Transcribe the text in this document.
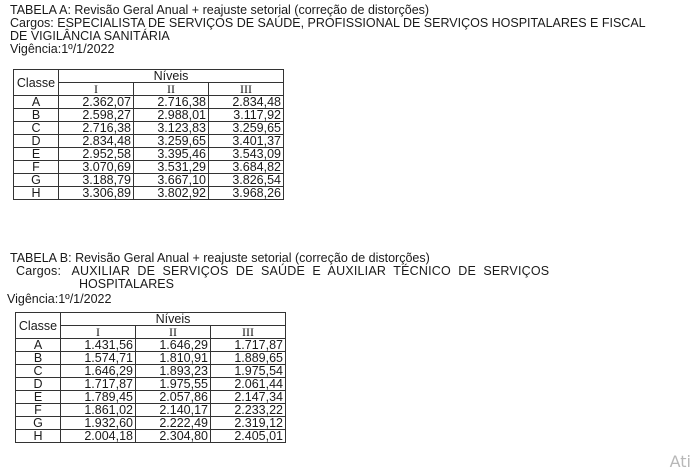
TABELA A: Revisão Geral Anual + reajuste setorial (correção de distorções)
Cargos: ESPECIALISTA DE SERVIÇOS DE SAÚDE, PROFISSIONAL DE SERVIÇOS HOSPITALARES E FISCAL
DE VIGILÂNCIA SANITÁRIA
Vigência:1º/1/2022
Classe	Níveis		
	I	II	III
A	2.362,07	2.716,38	2.834,48
B	2.598,27	2.988,01	3.117,92
C	2.716,38	3.123,83	3.259,65
D	2.834,48	3.259,65	3.401,37
E	2.952,58	3.395,46	3.543,09
F	3.070,69	3.531,29	3.684,82
G	3.188,79	3.667,10	3.826,54
H	3.306,89	3.802,92	3.968,26
TABELA B: Revisão Geral Anual + reajuste setorial (correção de distorções)
Cargos:   AUXILIAR  DE  SERVIÇOS  DE  SAÚDE  E  AUXILIAR  TÉCNICO  DE  SERVIÇOS
HOSPITALARES
Vigência:1º/1/2022
Classe	Níveis		
	I	II	III
A	1.431,56	1.646,29	1.717,87
B	1.574,71	1.810,91	1.889,65
C	1.646,29	1.893,23	1.975,54
D	1.717,87	1.975,55	2.061,44
E	1.789,45	2.057,86	2.147,34
F	1.861,02	2.140,17	2.233,22
G	1.932,60	2.222,49	2.319,12
H	2.004,18	2.304,80	2.405,01
Ati
